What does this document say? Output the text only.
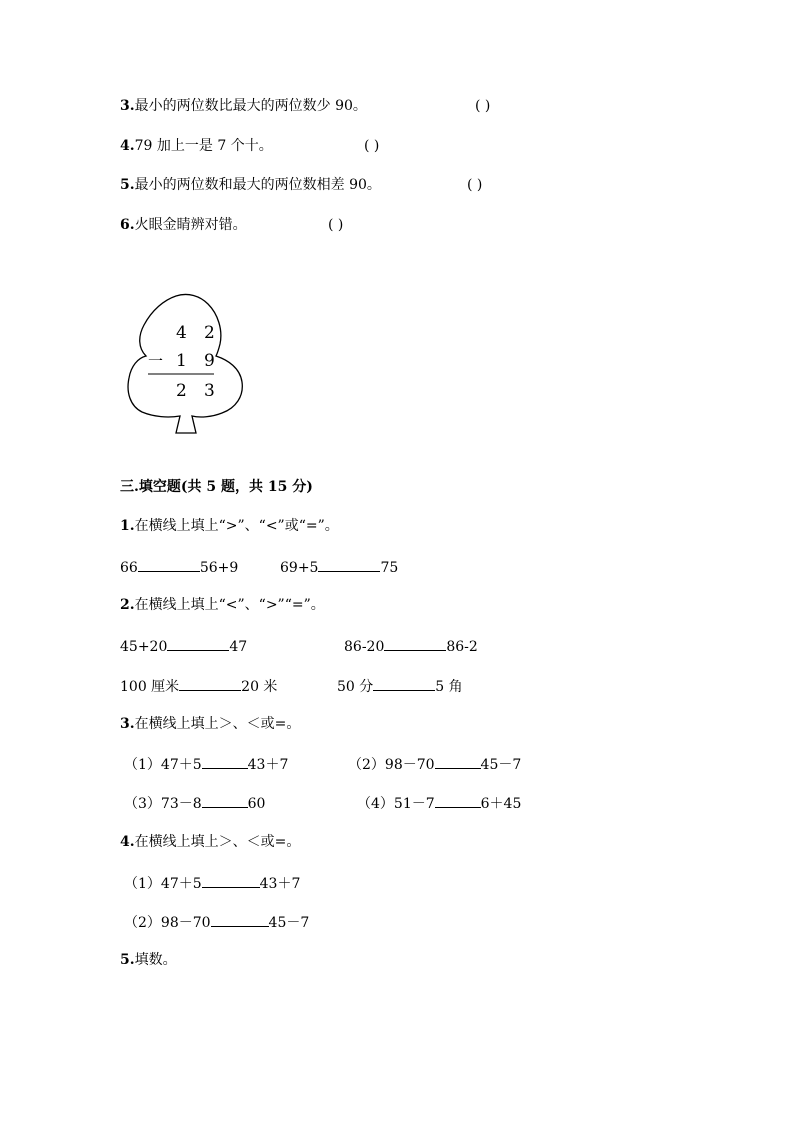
3.最小的两位数比最大的两位数少 90。	( )
4.79 加上一是 7 个十。	( )
5.最小的两位数和最大的两位数相差 90。	( )
6.火眼金睛辨对错。	( )
4 2
一 1 9
2 3
三.填空题(共 5 题，共 15 分)
1.在横线上填上“>”、“<”或“=”。
66	56+9	69+5	75
2.在横线上填上“<”、“>”“=”。
45+20	47	86-20	86-2
100 厘米	20 米	50 分	5 角
3.在横线上填上＞、＜或=。
（1）47＋5	43＋7	（2）98－70	45－7
（3）73－8	60	（4）51－7	6＋45
4.在横线上填上＞、＜或=。
（1）47＋5	43＋7
（2）98－70	45－7
5.填数。
